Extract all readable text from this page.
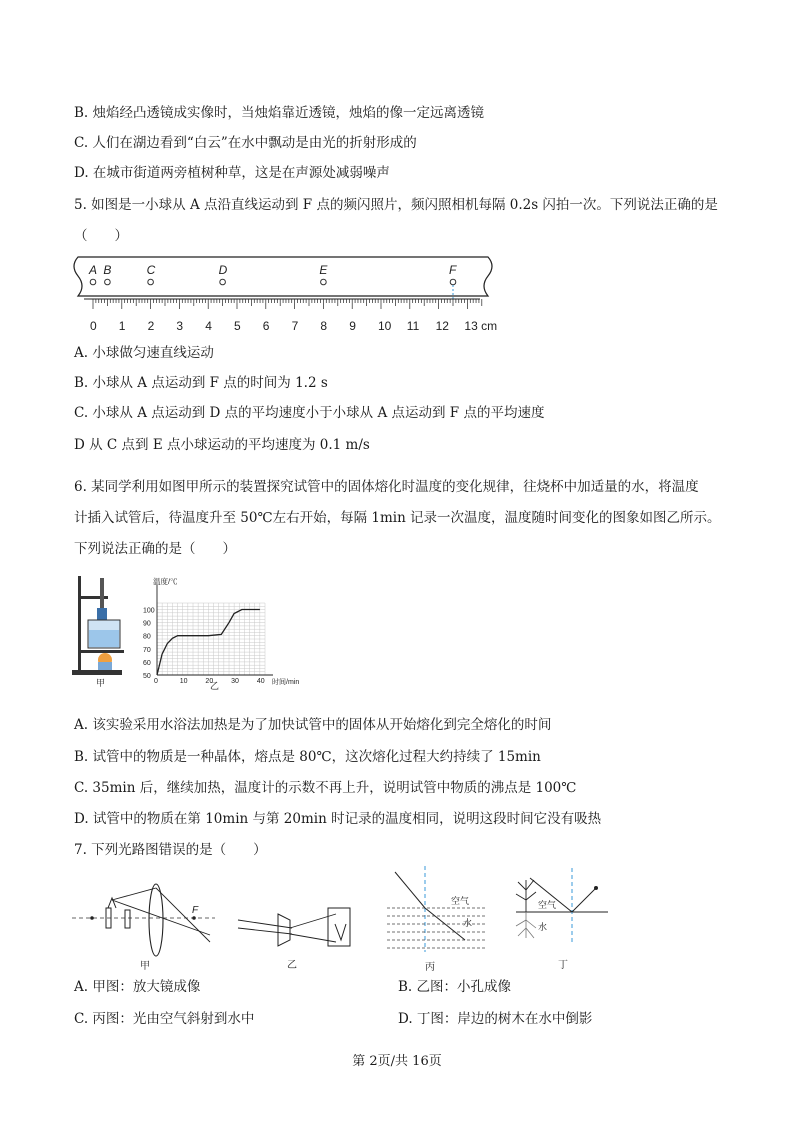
B. 烛焰经凸透镜成实像时，当烛焰靠近透镜，烛焰的像一定远离透镜
C. 人们在湖边看到“白云”在水中飘动是由光的折射形成的
D. 在城市街道两旁植树种草，这是在声源处减弱噪声
5. 如图是一小球从 A 点沿直线运动到 F 点的频闪照片，频闪照相机每隔 0.2s 闪拍一次。下列说法正确的是
（　　）
A B	C	D	E	F
0 1 2 3 4 5 6 7 8 9 10 11 12 13 cm
A. 小球做匀速直线运动
B. 小球从 A 点运动到 F 点的时间为 1.2 s
C. 小球从 A 点运动到 D 点的平均速度小于小球从 A 点运动到 F 点的平均速度
D 从 C 点到 E 点小球运动的平均速度为 0.1 m/s
6. 某同学利用如图甲所示的装置探究试管中的固体熔化时温度的变化规律，往烧杯中加适量的水，将温度
计插入试管后，待温度升至 50℃左右开始，每隔 1min 记录一次温度，温度随时间变化的图象如图乙所示。
下列说法正确的是（　　）
甲
50
60
70
80
90
100
0	10	20	30	40
温度/℃
时间/min
乙
A. 该实验采用水浴法加热是为了加快试管中的固体从开始熔化到完全熔化的时间
B. 试管中的物质是一种晶体，熔点是 80℃，这次熔化过程大约持续了 15min
C. 35min 后，继续加热，温度计的示数不再上升，说明试管中物质的沸点是 100℃
D. 试管中的物质在第 10min 与第 20min 时记录的温度相同，说明这段时间它没有吸热
7. 下列光路图错误的是（　　）
F
甲	乙
空气
水
丙
空气
水
丁
A. 甲图：放大镜成像	B. 乙图：小孔成像
C. 丙图：光由空气斜射到水中	D. 丁图：岸边的树木在水中倒影
第 2页/共 16页
